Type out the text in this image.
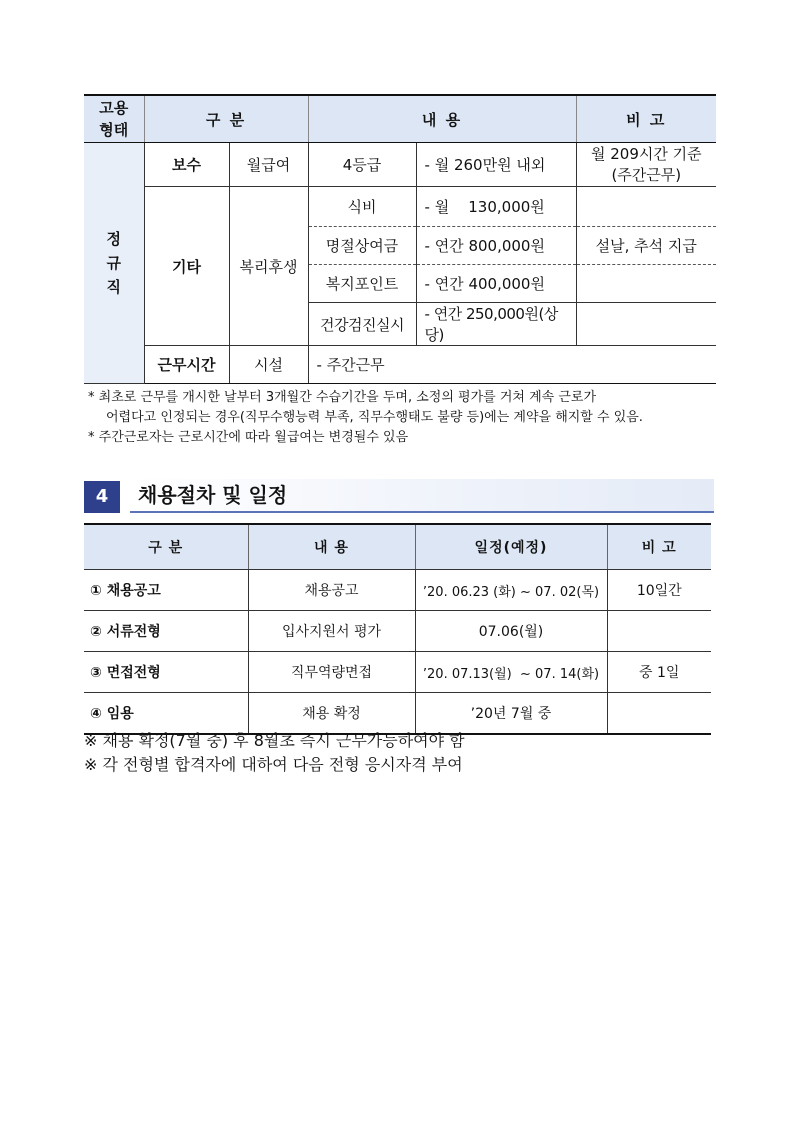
고용
형태	구 분		내 용		비 고
정
규
직	보수	월급여	4등급	- 월 260만원 내외	월 209시간 기준
(주간근무)
	기타	복리후생	식비	- 월    130,000원	
			명절상여금	- 연간 800,000원	설날, 추석 지급
			복지포인트	- 연간 400,000원	
			건강검진실시	- 연간 250,000원(상당)	
	근무시간	시설	- 주간근무		
* 최초로 근무를 개시한 날부터 3개월간 수습기간을 두며, 소정의 평가를 거쳐 계속 근로가
어렵다고 인정되는 경우(직무수행능력 부족, 직무수행태도 불량 등)에는 계약을 해지할 수 있음.
* 주간근로자는 근로시간에 따라 월급여는 변경될수 있음
4	채용절차 및 일정
구 분	내 용	일정(예정)	비 고
① 채용공고	채용공고	’20. 06.23 (화) ~ 07. 02(목)	10일간
② 서류전형	입사지원서 평가	07.06(월)	
③ 면접전형	직무역량면접	’20. 07.13(월)  ~ 07. 14(화)	중 1일
④ 임용	채용 확정	’20년 7월 중	
※ 채용 확정(7월 중) 후 8월초 즉시 근무가능하여야 함
※ 각 전형별 합격자에 대하여 다음 전형 응시자격 부여
